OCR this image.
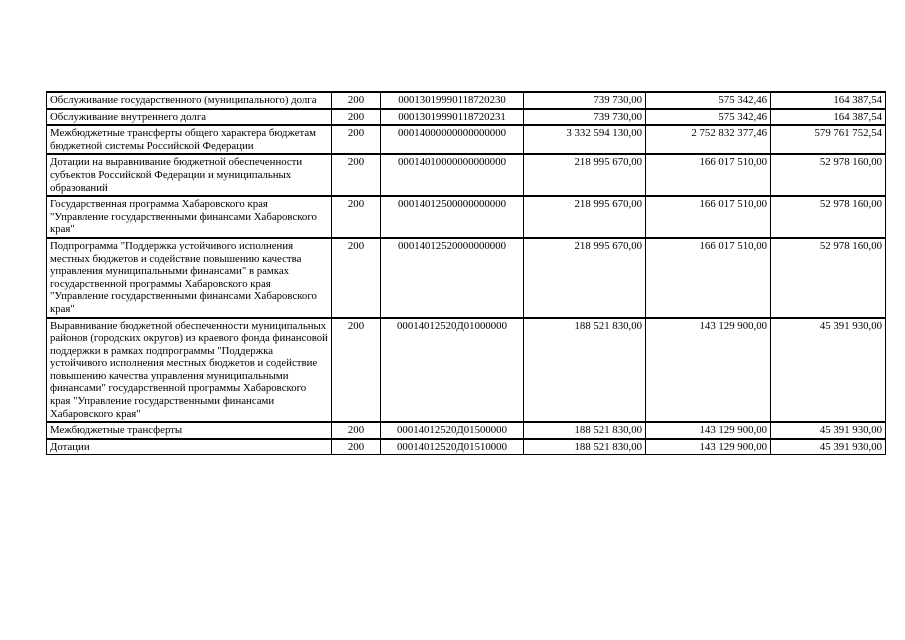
Обслуживание государственного (муниципального) долга	200	00013019990118720230	739 730,00	575 342,46	164 387,54
Обслуживание внутреннего долга	200	00013019990118720231	739 730,00	575 342,46	164 387,54
Межбюджетные трансферты общего характера бюджетам бюджетной системы Российской Федерации	200	00014000000000000000	3 332 594 130,00	2 752 832 377,46	579 761 752,54
Дотации на выравнивание бюджетной обеспеченности субъектов Российской Федерации и муниципальных образований	200	00014010000000000000	218 995 670,00	166 017 510,00	52 978 160,00
Государственная программа Хабаровского края "Управление государственными финансами Хабаровского края"	200	00014012500000000000	218 995 670,00	166 017 510,00	52 978 160,00
Подпрограмма "Поддержка устойчивого исполнения местных бюджетов и содействие повышению качества управления муниципальными финансами" в рамках государственной программы Хабаровского края "Управление государственными финансами Хабаровского края"	200	00014012520000000000	218 995 670,00	166 017 510,00	52 978 160,00
Выравнивание бюджетной обеспеченности муниципальных районов (городских округов) из краевого фонда финансовой поддержки в рамках подпрограммы "Поддержка устойчивого исполнения местных бюджетов и содействие повышению качества управления муниципальными финансами" государственной программы Хабаровского края "Управление государственными финансами Хабаровского края"	200	00014012520Д01000000	188 521 830,00	143 129 900,00	45 391 930,00
Межбюджетные трансферты	200	00014012520Д01500000	188 521 830,00	143 129 900,00	45 391 930,00
Дотации	200	00014012520Д01510000	188 521 830,00	143 129 900,00	45 391 930,00
